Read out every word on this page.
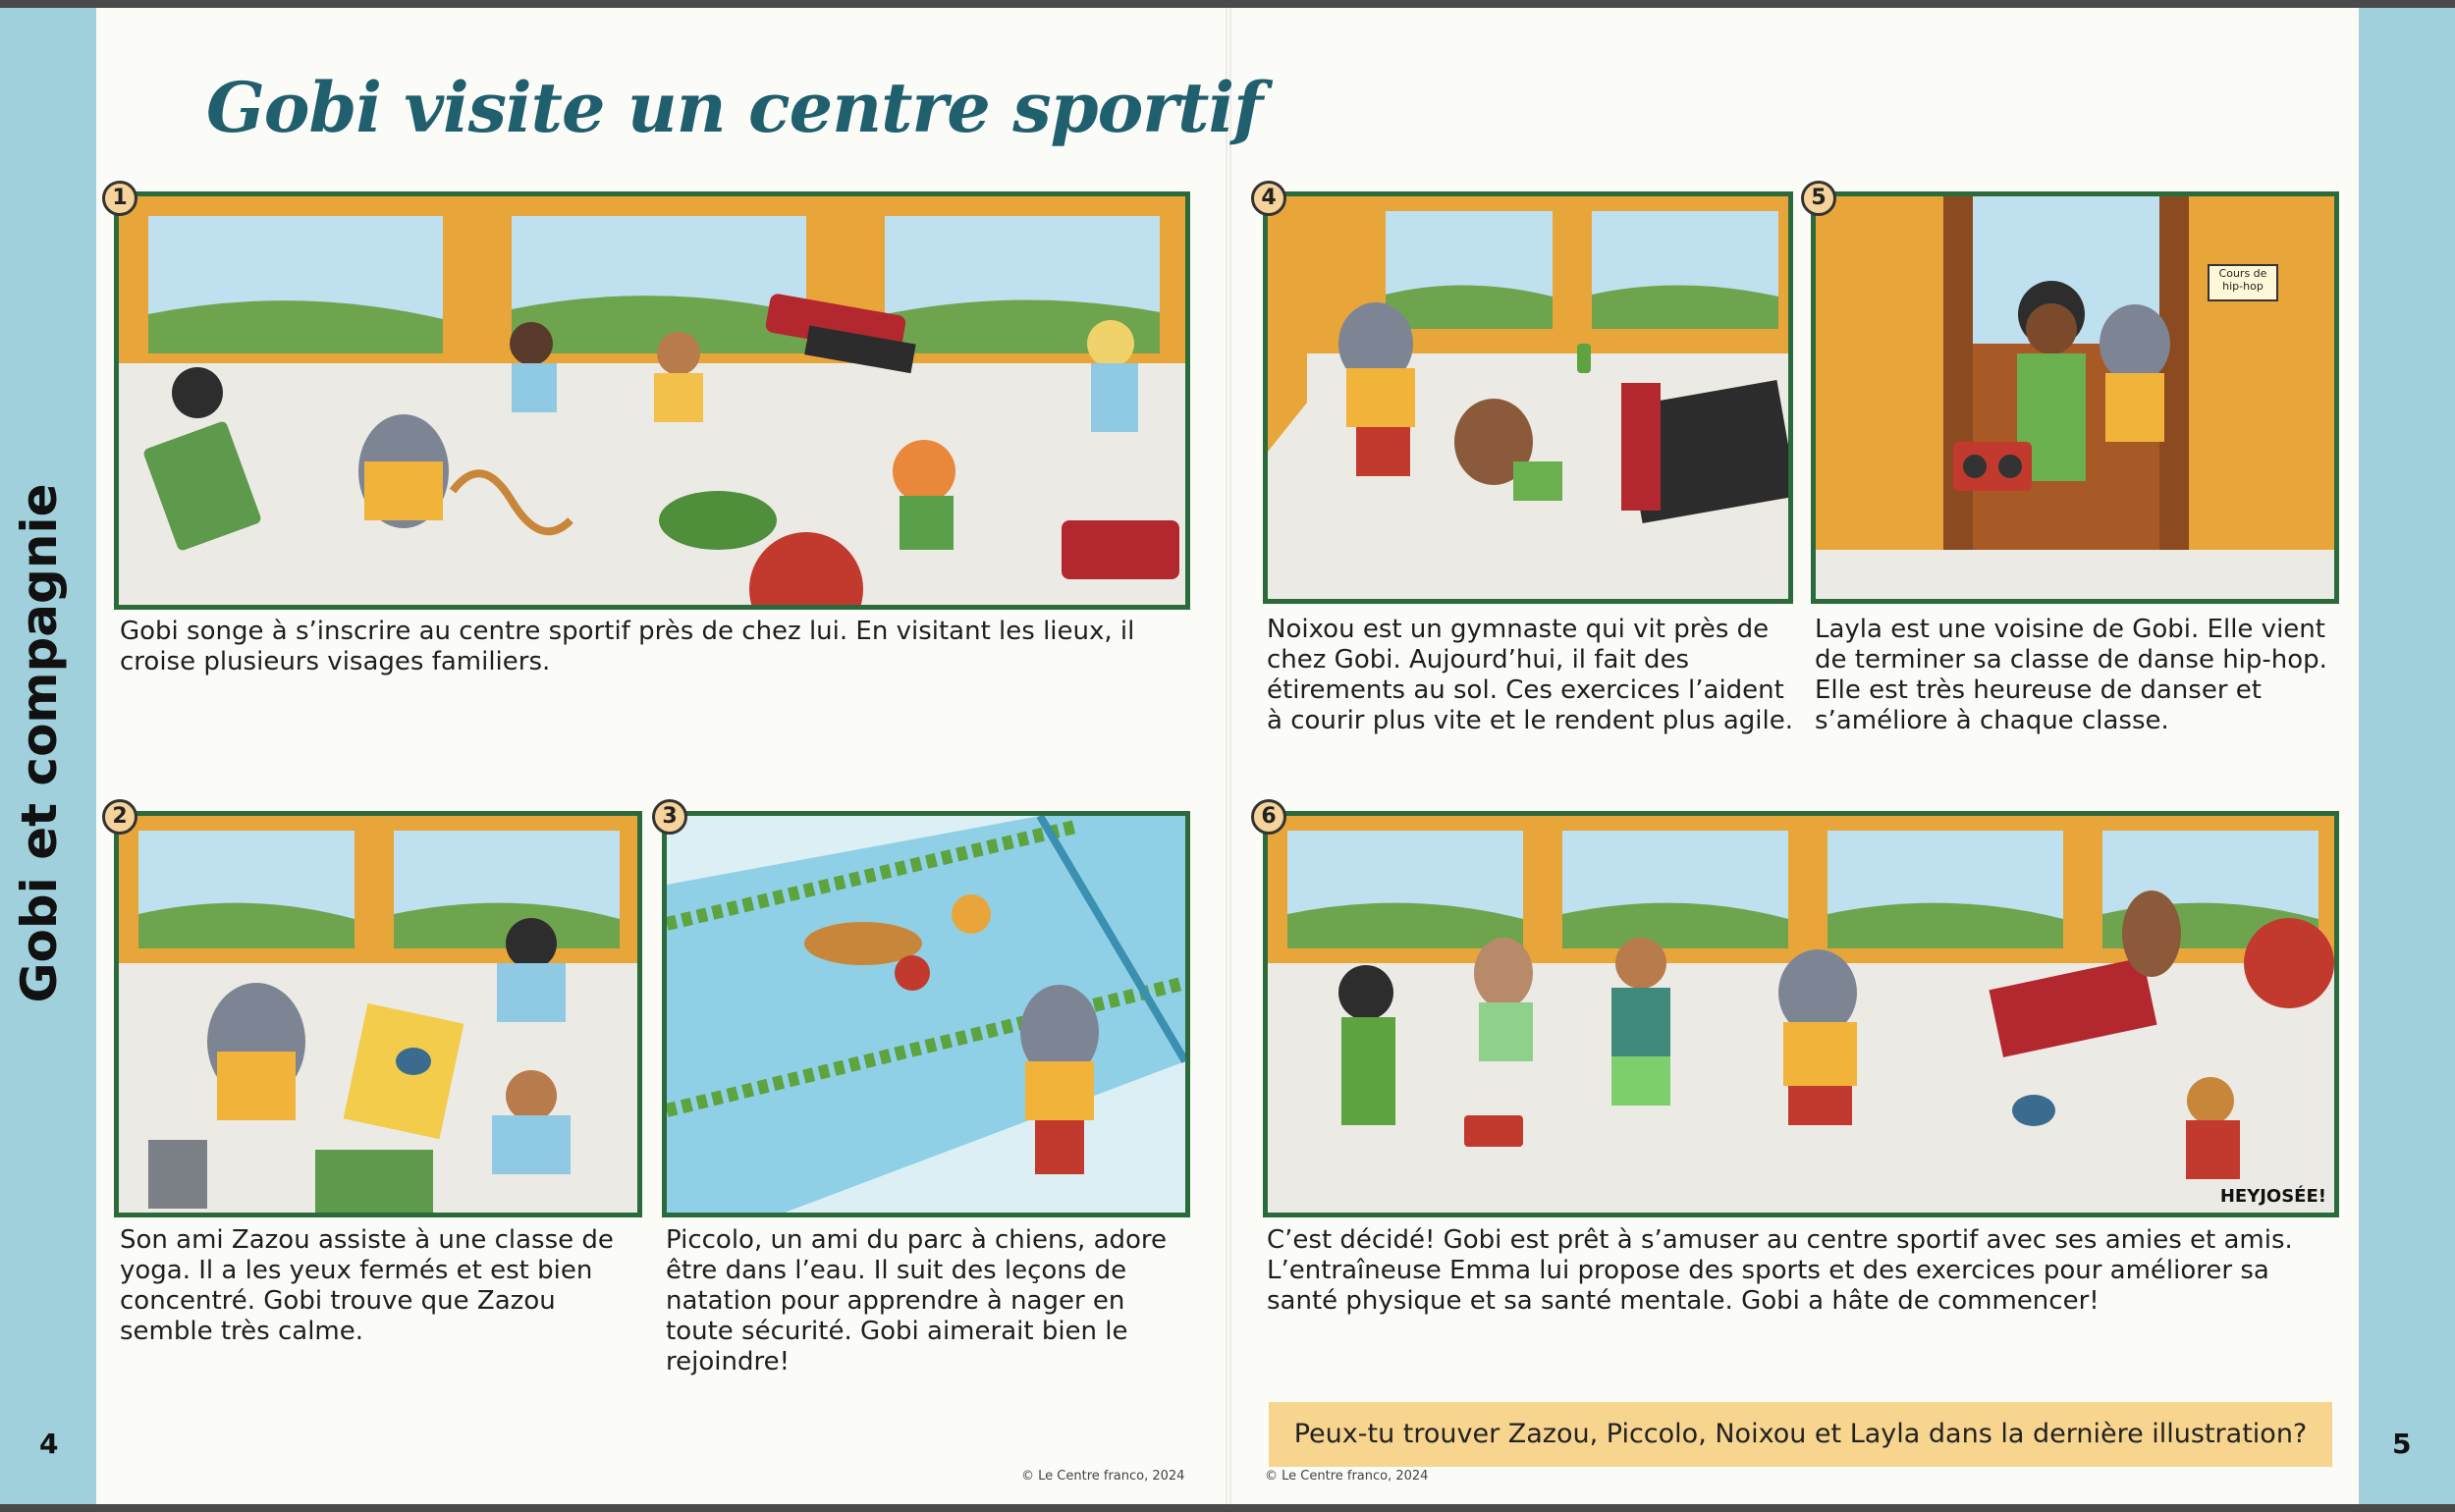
Gobi et compagnie
4	5
Gobi visite un centre sportif
1
Gobi songe à s’inscrire au centre sportif près de chez lui. En visitant les lieux, il croise plusieurs visages familiers.
2
Son ami Zazou assiste à une classe de yoga. Il a les yeux fermés et est bien concentré. Gobi trouve que Zazou semble très calme.
3
Piccolo, un ami du parc à chiens, adore être dans l’eau. Il suit des leçons de natation pour apprendre à nager en toute sécurité. Gobi aimerait bien le rejoindre!
4
Noixou est un gymnaste qui vit près de chez Gobi. Aujourd’hui, il fait des étirements au sol. Ces exercices l’aident à courir plus vite et le rendent plus agile.
5
Cours de hip-hop
Layla est une voisine de Gobi. Elle vient de terminer sa classe de danse hip-hop. Elle est très heureuse de danser et s’améliore à chaque classe.
6
HEYJOSÉE!
C’est décidé! Gobi est prêt à s’amuser au centre sportif avec ses amies et amis. L’entraîneuse Emma lui propose des sports et des exercices pour améliorer sa santé physique et sa santé mentale. Gobi a hâte de commencer!
Peux-tu trouver Zazou, Piccolo, Noixou et Layla dans la dernière illustration?
© Le Centre franco, 2024	© Le Centre franco, 2024
